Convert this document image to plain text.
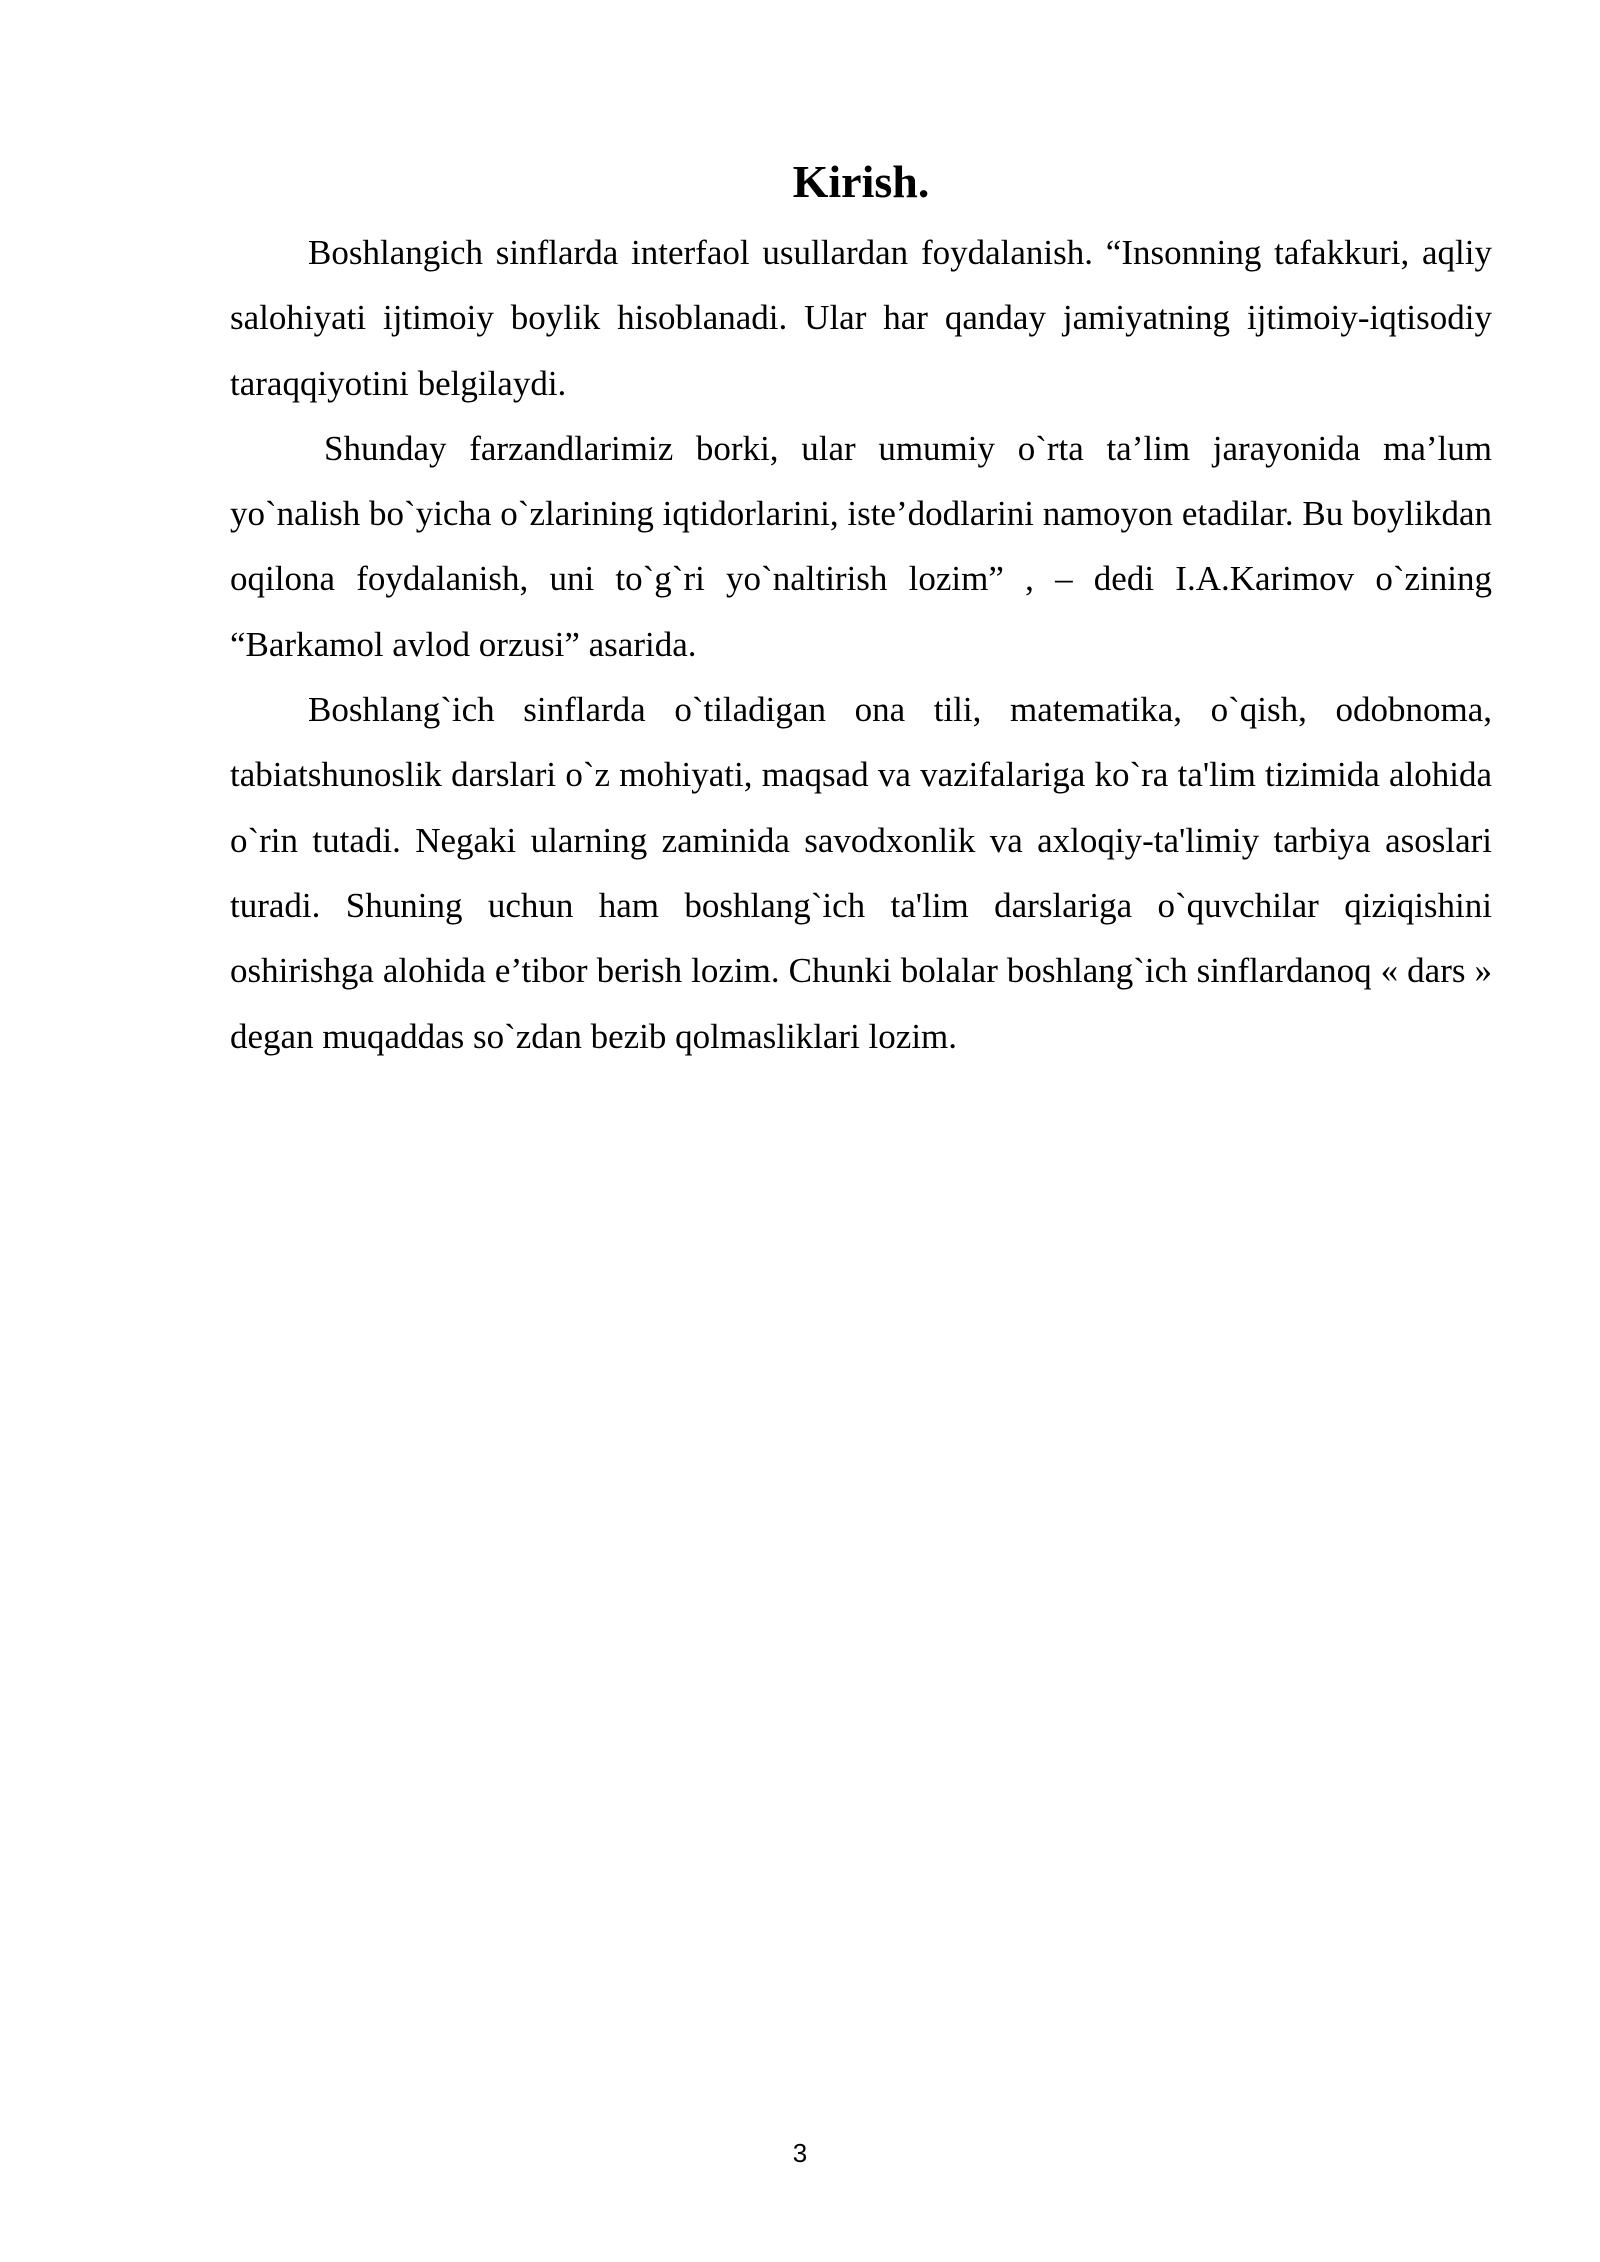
Kirish.

Boshlangich sinflarda interfaol usullardan foydalanish. “Insonning tafakkuri, aqliy salohiyati ijtimoiy boylik hisoblanadi. Ular har qanday jamiyatning ijtimoiy-iqtisodiy taraqqiyotini belgilaydi.

Shunday farzandlarimiz borki, ular umumiy o`rta ta’lim jarayonida ma’lum yo`nalish bo`yicha o`zlarining iqtidorlarini, iste’dodlarini namoyon etadilar. Bu boylikdan oqilona foydalanish, uni to`g`ri yo`naltirish lozim” , – dedi I.A.Karimov o`zining “Barkamol avlod orzusi” asarida.

Boshlang`ich sinflarda o`tiladigan ona tili, matematika, o`qish, odobnoma, tabiatshunoslik darslari o`z mohiyati, maqsad va vazifalariga ko`ra ta'lim tizimida alohida o`rin tutadi. Negaki ularning zaminida savodxonlik va axloqiy-ta'limiy tarbiya asoslari turadi. Shuning uchun ham boshlang`ich ta'lim darslariga o`quvchilar qiziqishini oshirishga alohida e’tibor berish lozim. Chunki bolalar boshlang`ich sinflardanoq « dars » degan muqaddas so`zdan bezib qolmasliklari lozim.

3
